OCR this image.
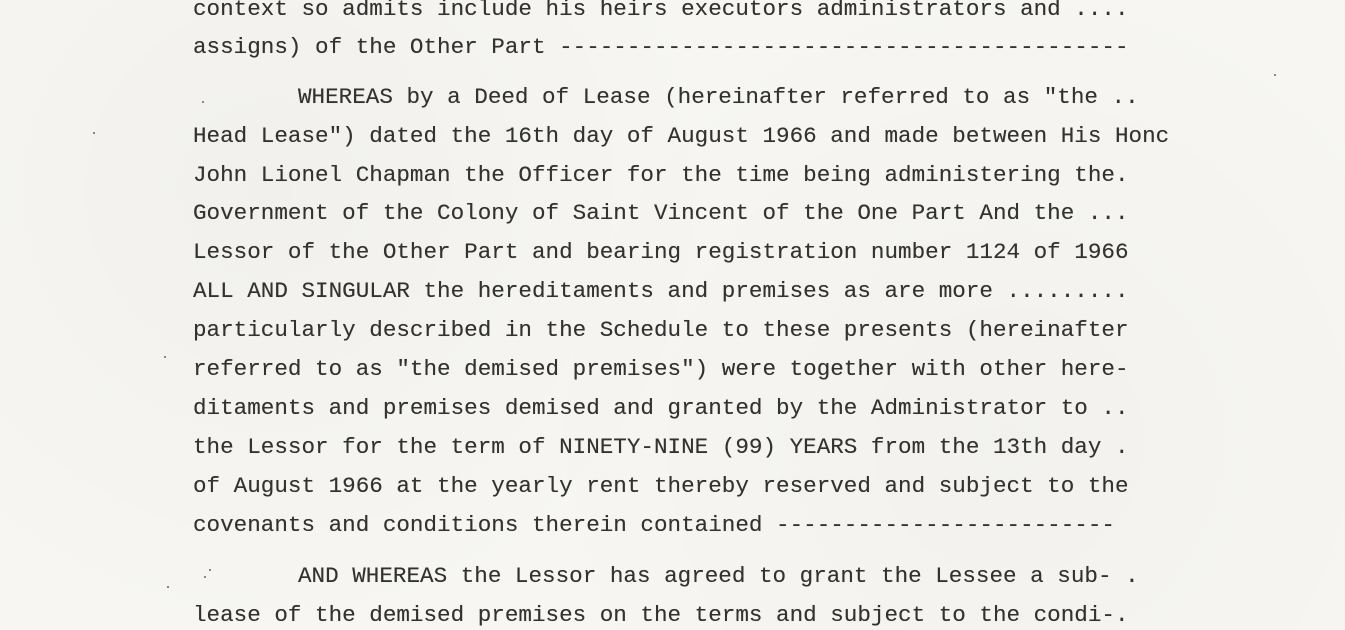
context so admits include his heirs executors administrators and ....
assigns) of the Other Part ------------------------------------------
WHEREAS by a Deed of Lease (hereinafter referred to as "the ..
Head Lease") dated the 16th day of August 1966 and made between His Honc
John Lionel Chapman the Officer for the time being administering the.
Government of the Colony of Saint Vincent of the One Part And the ...
Lessor of the Other Part and bearing registration number 1124 of 1966
ALL AND SINGULAR the hereditaments and premises as are more .........
particularly described in the Schedule to these presents (hereinafter
referred to as "the demised premises") were together with other here-
ditaments and premises demised and granted by the Administrator to ..
the Lessor for the term of NINETY-NINE (99) YEARS from the 13th day .
of August 1966 at the yearly rent thereby reserved and subject to the
covenants and conditions therein contained -------------------------
AND WHEREAS the Lessor has agreed to grant the Lessee a sub- .
lease of the demised premises on the terms and subject to the condi-.
